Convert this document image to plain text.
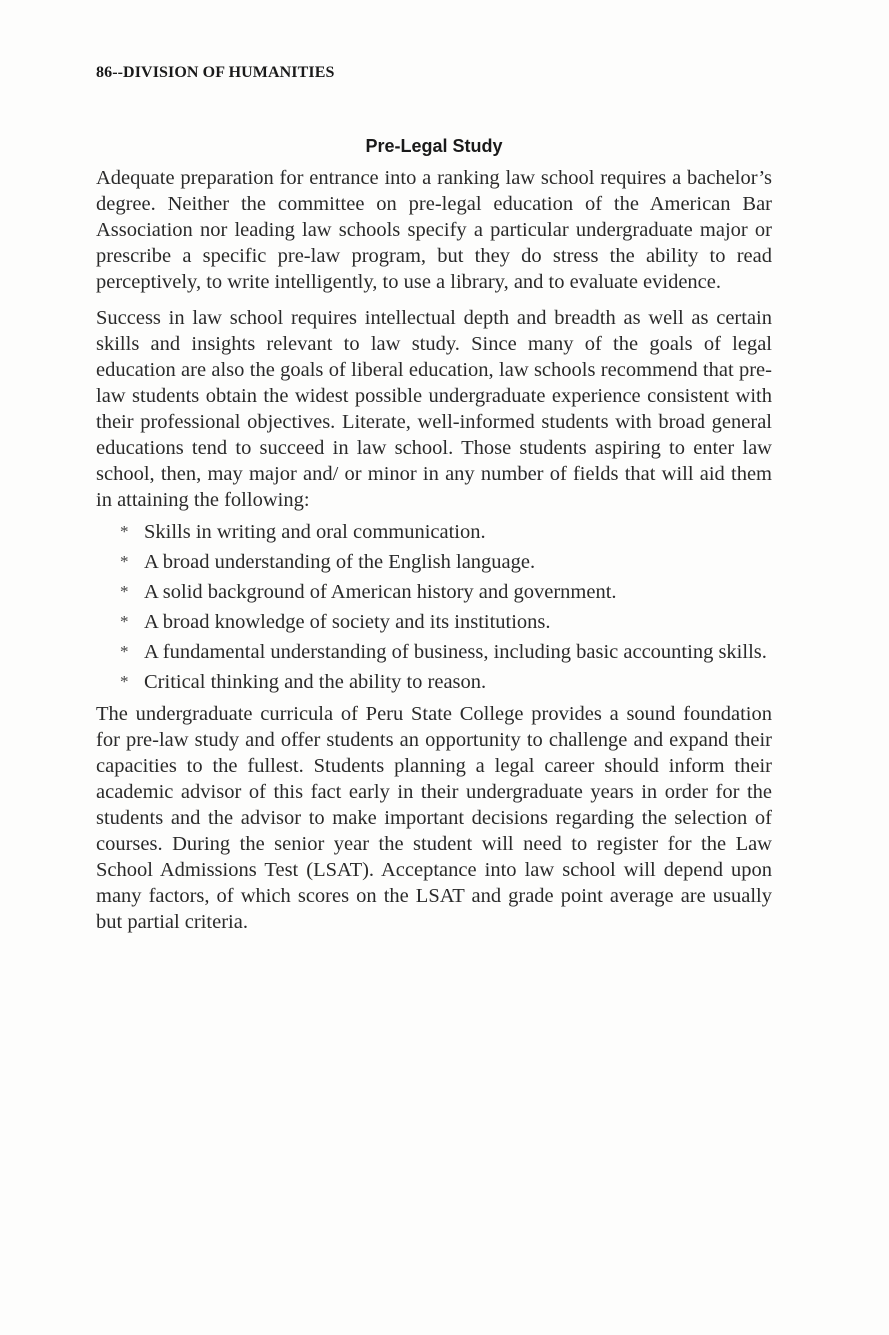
86--DIVISION OF HUMANITIES
Pre-Legal Study

Adequate preparation for entrance into a ranking law school requires a bachelor’s degree. Neither the committee on pre-legal education of the American Bar Association nor leading law schools specify a particular undergraduate major or prescribe a specific pre-law program, but they do stress the ability to read perceptively, to write intelligently, to use a library, and to evaluate evidence.

Success in law school requires intellectual depth and breadth as well as certain skills and insights relevant to law study. Since many of the goals of legal education are also the goals of liberal education, law schools recommend that pre-law students obtain the widest possible undergraduate experience consistent with their professional objectives. Literate, well-informed students with broad general educations tend to succeed in law school. Those students aspiring to enter law school, then, may major and/ or minor in any number of fields that will aid them in attaining the following:

* Skills in writing and oral communication.
* A broad understanding of the English language.
* A solid background of American history and government.
* A broad knowledge of society and its institutions.
* A fundamental understanding of business, including basic accounting skills.
* Critical thinking and the ability to reason.

The undergraduate curricula of Peru State College provides a sound foundation for pre-law study and offer students an opportunity to challenge and expand their capacities to the fullest. Students planning a legal career should inform their academic advisor of this fact early in their undergraduate years in order for the students and the advisor to make important decisions regarding the selection of courses. During the senior year the student will need to register for the Law School Admissions Test (LSAT). Acceptance into law school will depend upon many factors, of which scores on the LSAT and grade point average are usually but partial criteria.
